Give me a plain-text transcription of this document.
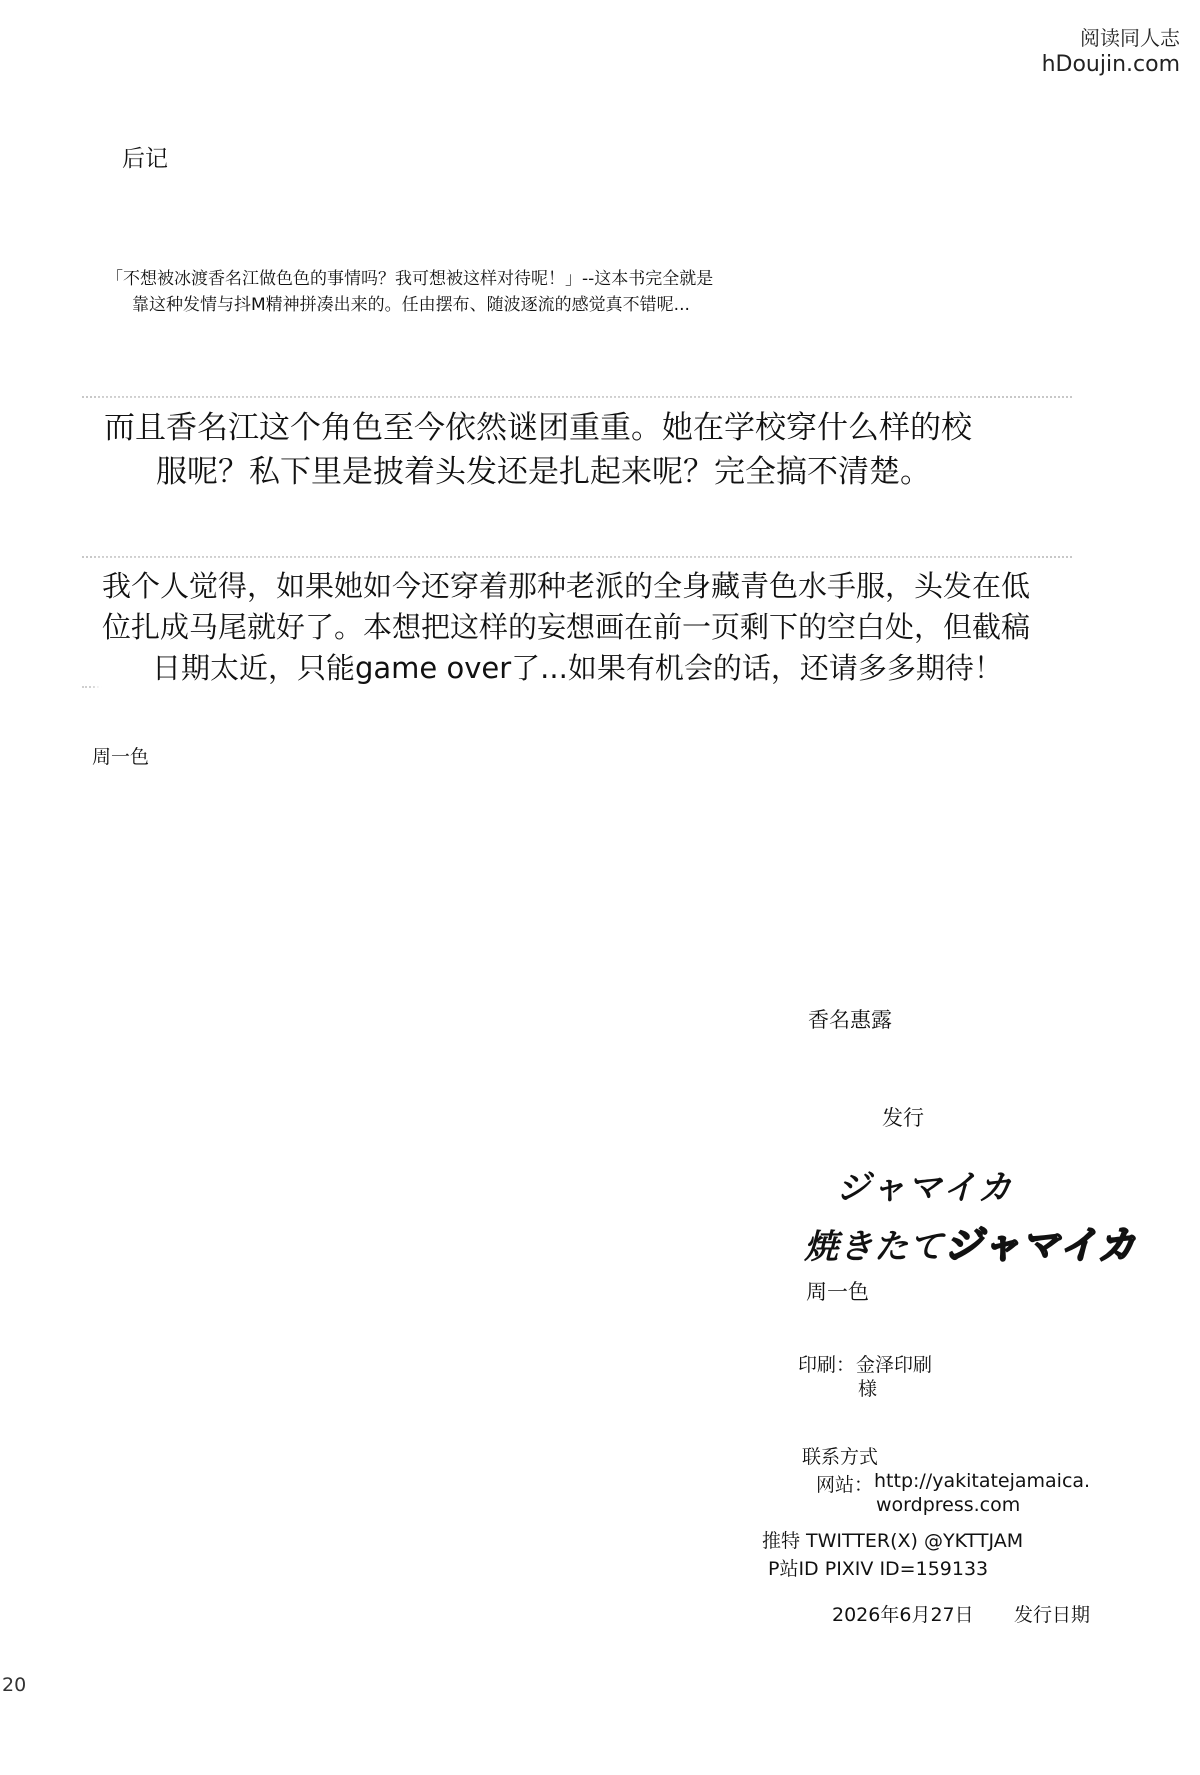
阅读同人志
hDoujin.com
后记
「不想被冰渡香名江做色色的事情吗？我可想被这样对待呢！」--这本书完全就是
靠这种发情与抖M精神拼凑出来的。任由摆布、随波逐流的感觉真不错呢...
而且香名江这个角色至今依然谜团重重。她在学校穿什么样的校
服呢？私下里是披着头发还是扎起来呢？完全搞不清楚。
我个人觉得，如果她如今还穿着那种老派的全身藏青色水手服，头发在低
位扎成马尾就好了。本想把这样的妄想画在前一页剩下的空白处，但截稿
日期太近，只能game over了...如果有机会的话，还请多多期待！
周一色
香名惠露
发行
ジャマイカ
焼きたてジャマイカ
周一色
印刷： 金泽印刷
様
联系方式
网站： http://yakitatejamaica.
wordpress.com
推特 TWITTER(X) @YKTTJAM
P站ID PIXIV ID=159133
2026年6月27日 发行日期
20
